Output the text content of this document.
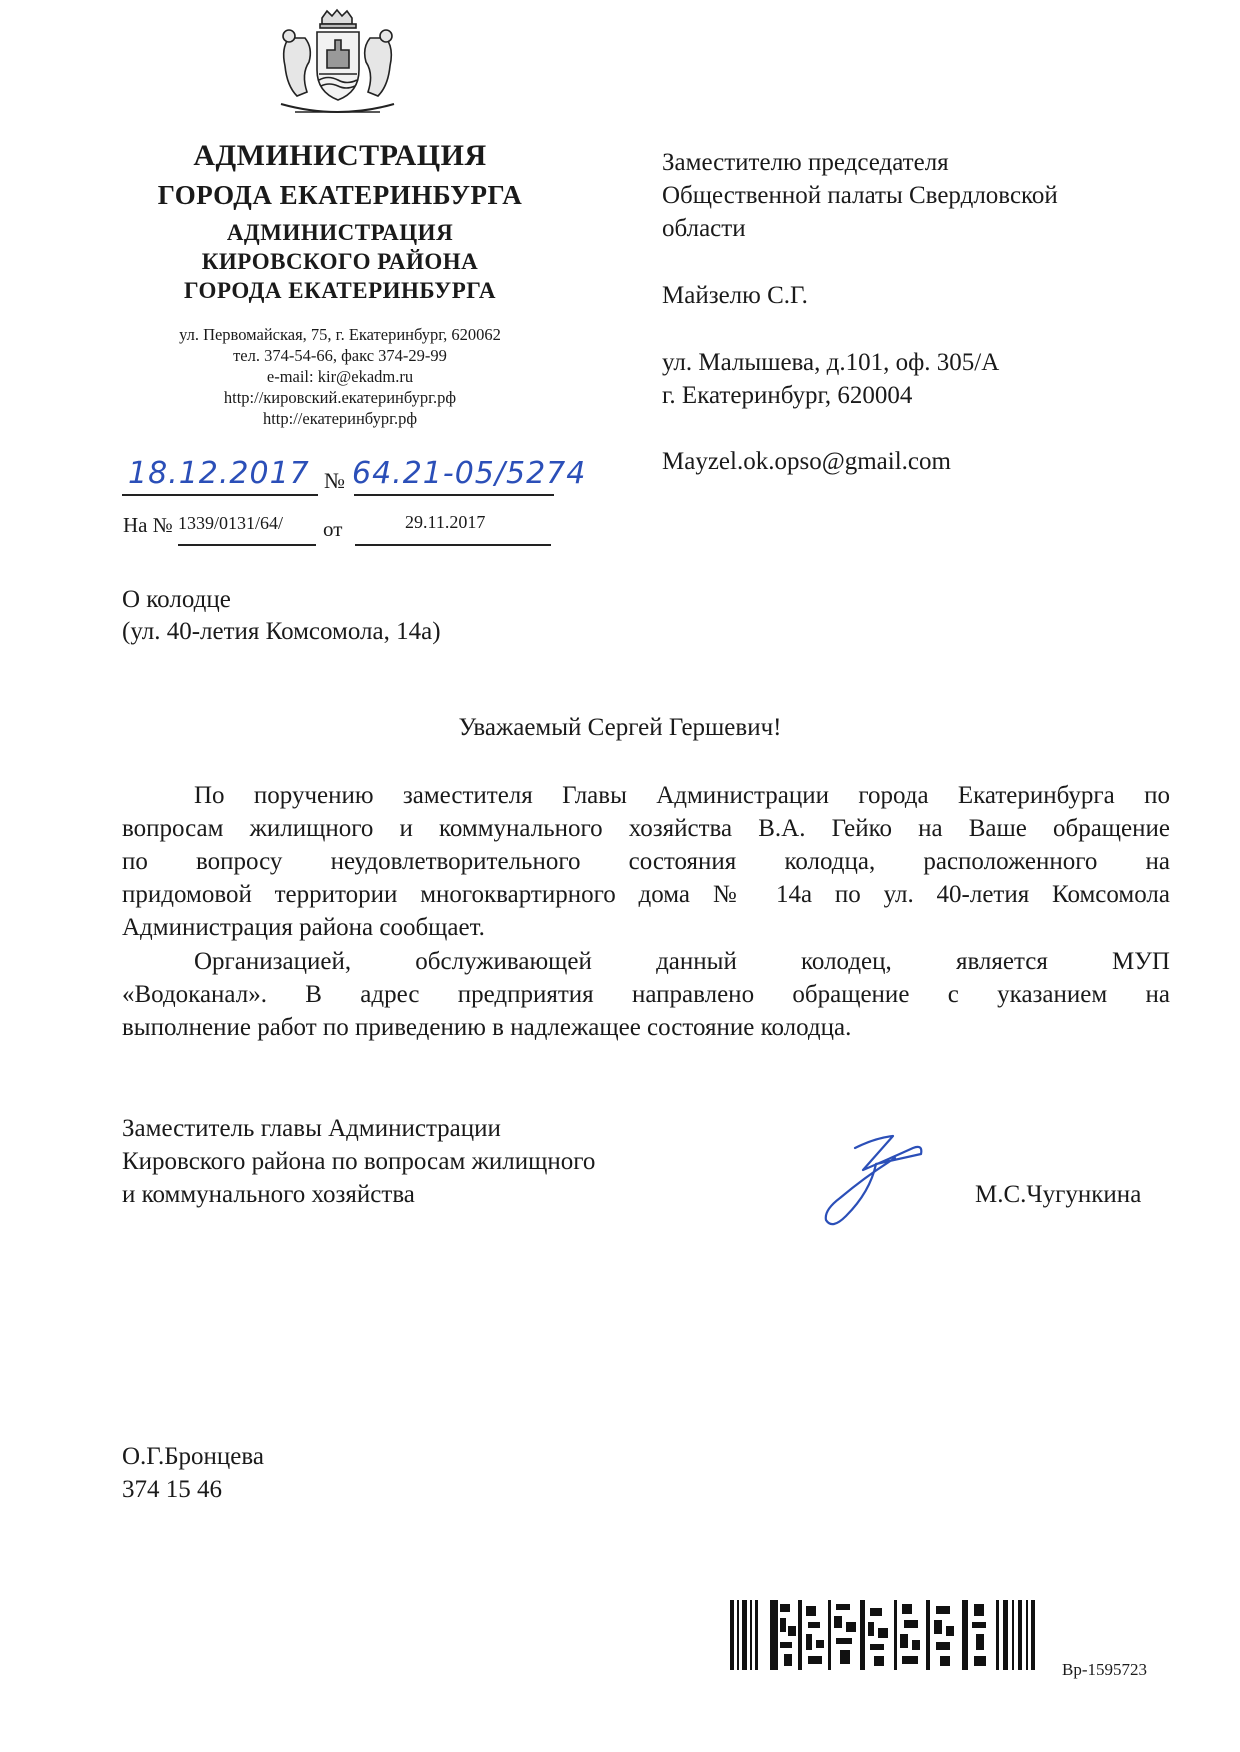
АДМИНИСТРАЦИЯ
ГОРОДА ЕКАТЕРИНБУРГА
АДМИНИСТРАЦИЯ
КИРОВСКОГО РАЙОНА
ГОРОДА ЕКАТЕРИНБУРГА
ул. Первомайская, 75, г. Екатеринбург, 620062
тел. 374-54-66, факс 374-29-99
e-mail: kir@ekadm.ru
http://кировский.екатеринбург.рф
http://екатеринбург.рф
18.12.2017 № 64.21-05/5274
На № 1339/0131/64/	от	29.11.2017
Заместителю председателя
Общественной палаты Свердловской
области
Майзелю С.Г.
ул. Малышева, д.101, оф. 305/А
г. Екатеринбург, 620004
Mayzel.ok.opso@gmail.com
О колодце
(ул. 40-летия Комсомола, 14а)
Уважаемый Сергей Гершевич!
По поручению заместителя Главы Администрации города Екатеринбурга по
вопросам жилищного и коммунального хозяйства В.А. Гейко на Ваше обращение
по вопросу неудовлетворительного состояния колодца, расположенного на
придомовой территории многоквартирного дома № 14а по ул. 40-летия Комсомола
Администрация района сообщает.
Организацией, обслуживающей данный колодец, является МУП
«Водоканал». В адрес предприятия направлено обращение с указанием на
выполнение работ по приведению в надлежащее состояние колодца.
Заместитель главы Администрации
Кировского района по вопросам жилищного
и коммунального хозяйства	М.С.Чугункина
О.Г.Бронцева
374 15 46
Вр-1595723
